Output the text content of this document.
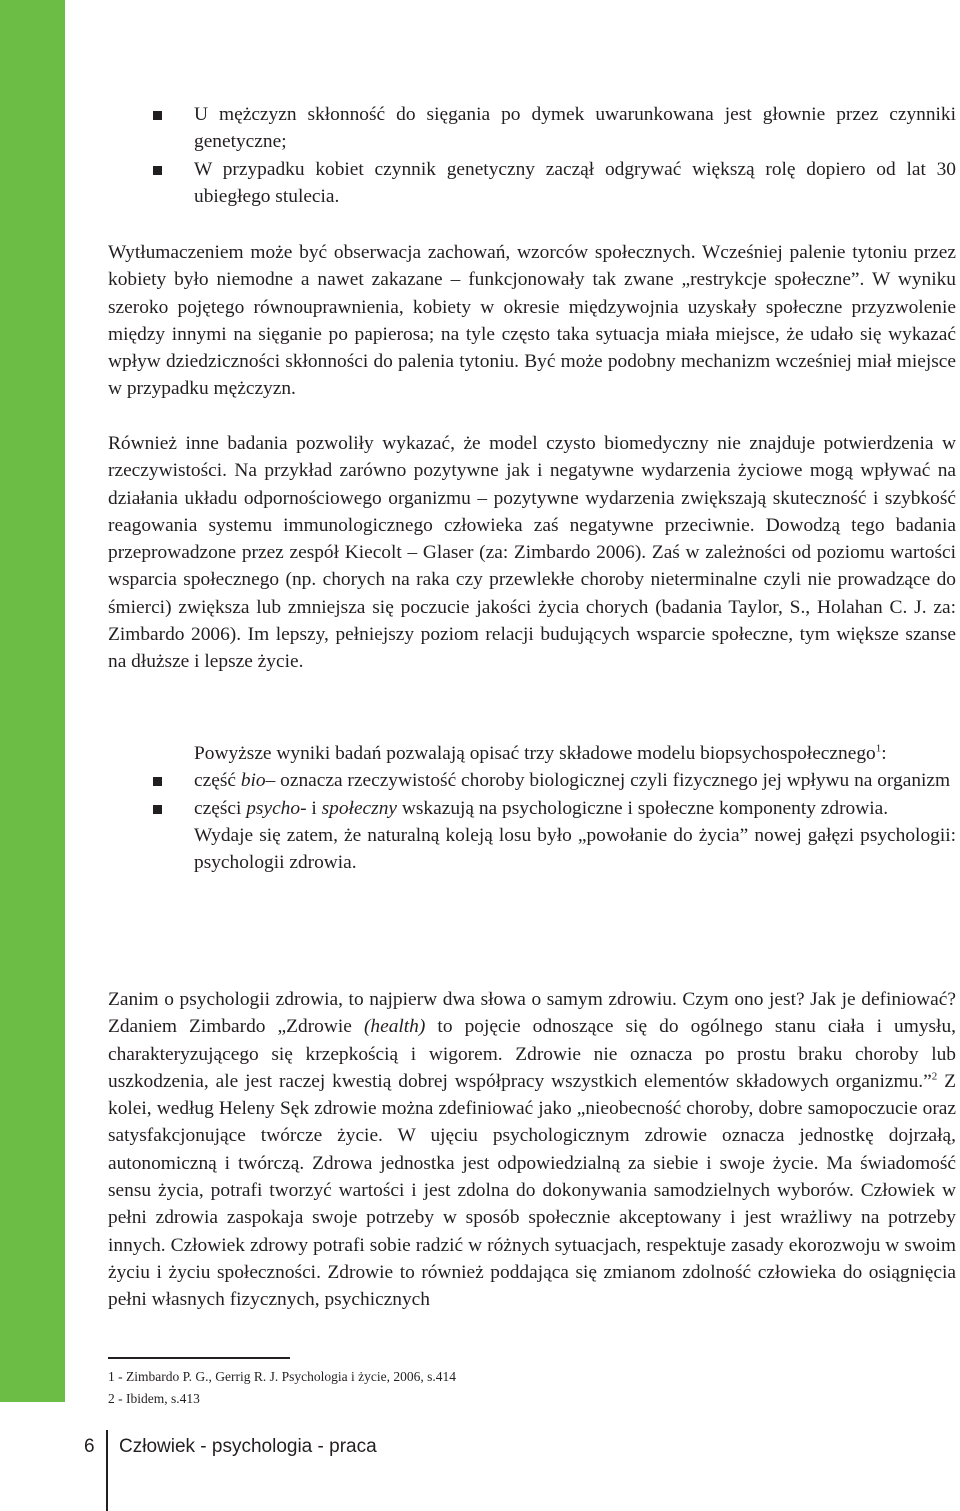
U mężczyzn skłonność do sięgania po dymek uwarunkowana jest głownie przez czynniki genetyczne;

W przypadku kobiet czynnik genetyczny zaczął odgrywać większą rolę dopiero od lat 30 ubiegłego stulecia.

Wytłumaczeniem może być obserwacja zachowań, wzorców społecznych. Wcześniej palenie tytoniu przez kobiety było niemodne a nawet zakazane – funkcjonowały tak zwane „restrykcje społeczne”. W wyniku szeroko pojętego równouprawnienia, kobiety w okresie międzywojnia uzyskały społeczne przyzwolenie między innymi na sięganie po papierosa; na tyle często taka sytuacja miała miejsce, że udało się wykazać wpływ dziedziczności skłonności do palenia tytoniu. Być może podobny mechanizm wcześniej miał miejsce w przypadku mężczyzn.

Również inne badania pozwoliły wykazać, że model czysto biomedyczny nie znajduje potwierdzenia w rzeczywistości. Na przykład zarówno pozytywne jak i negatywne wydarzenia życiowe mogą wpływać na działania układu odpornościowego organizmu – pozytywne wydarzenia zwiększają skuteczność i szybkość reagowania systemu immunologicznego człowieka zaś negatywne przeciwnie. Dowodzą tego badania przeprowadzone przez zespół Kiecolt – Glaser (za: Zimbardo 2006). Zaś w zależności od poziomu wartości wsparcia społecznego (np. chorych na raka czy przewlekłe choroby nieterminalne czyli nie prowadzące do śmierci) zwiększa lub zmniejsza się poczucie jakości życia chorych (badania Taylor, S., Holahan C. J. za: Zimbardo 2006). Im lepszy, pełniejszy poziom relacji budujących wsparcie społeczne, tym większe szanse na dłuższe i lepsze życie.

Powyższe wyniki badań pozwalają opisać trzy składowe modelu biopsychospołecznego$^1$:

część bio– oznacza rzeczywistość choroby biologicznej czyli fizycznego jej wpływu na organizm

części psycho- i społeczny wskazują na psychologiczne i społeczne komponenty zdrowia.

Wydaje się zatem, że naturalną koleją losu było „powołanie do życia” nowej gałęzi psychologii: psychologii zdrowia.

Zanim o psychologii zdrowia, to najpierw dwa słowa o samym zdrowiu. Czym ono jest? Jak je definiować? Zdaniem Zimbardo „Zdrowie (health) to pojęcie odnoszące się do ogólnego stanu ciała i umysłu, charakteryzującego się krzepkością i wigorem. Zdrowie nie oznacza po prostu braku choroby lub uszkodzenia, ale jest raczej kwestią dobrej współpracy wszystkich elementów składowych organizmu.”$^2$ Z kolei, według Heleny Sęk zdrowie można zdefiniować jako „nieobecność choroby, dobre samopoczucie oraz satysfakcjonujące twórcze życie. W ujęciu psychologicznym zdrowie oznacza jednostkę dojrzałą, autonomiczną i twórczą. Zdrowa jednostka jest odpowiedzialną za siebie i swoje życie. Ma świadomość sensu życia, potrafi tworzyć wartości i jest zdolna do dokonywania samodzielnych wyborów. Człowiek w pełni zdrowia zaspokaja swoje potrzeby w sposób społecznie akceptowany i jest wrażliwy na potrzeby innych. Człowiek zdrowy potrafi sobie radzić w różnych sytuacjach, respektuje zasady ekorozwoju w swoim życiu i życiu społeczności. Zdrowie to również poddająca się zmianom zdolność człowieka do osiągnięcia pełni własnych fizycznych, psychicznych

1 - Zimbardo P. G., Gerrig R. J. Psychologia i życie, 2006, s.414
2 - Ibidem, s.413
6 Człowiek - psychologia - praca
